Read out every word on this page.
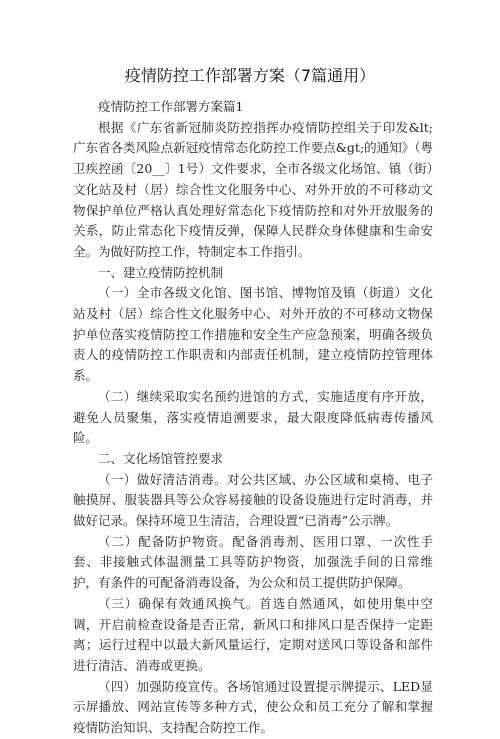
疫情防控工作部署方案（7篇通用）

疫情防控工作部署方案篇1

根据《广东省新冠肺炎防控指挥办疫情防控组关于印发&lt;广东省各类风险点新冠疫情常态化防控工作要点&gt;的通知》（粤卫疾控函〔20__〕1号）文件要求，全市各级文化场馆、镇（街）文化站及村（居）综合性文化服务中心、对外开放的不可移动文物保护单位严格认真处理好常态化下疫情防控和对外开放服务的关系，防止常态化下疫情反弹，保障人民群众身体健康和生命安全。为做好防控工作，特制定本工作指引。

一、建立疫情防控机制

（一）全市各级文化馆、图书馆、博物馆及镇（街道）文化站及村（居）综合性文化服务中心、对外开放的不可移动文物保护单位落实疫情防控工作措施和安全生产应急预案，明确各级负责人的疫情防控工作职责和内部责任机制，建立疫情防控管理体系。

（二）继续采取实名预约进馆的方式，实施适度有序开放，避免人员聚集，落实疫情追溯要求，最大限度降低病毒传播风险。

二、文化场馆管控要求

（一）做好清洁消毒。对公共区域、办公区域和桌椅、电子触摸屏、服装器具等公众容易接触的设备设施进行定时消毒，并做好记录。保持环境卫生清洁，合理设置“已消毒”公示牌。

（二）配备防护物资。配备消毒剂、医用口罩、一次性手套、非接触式体温测量工具等防护物资，加强洗手间的日常维护，有条件的可配备消毒设备，为公众和员工提供防护保障。

（三）确保有效通风换气。首选自然通风，如使用集中空调，开启前检查设备是否正常，新风口和排风口是否保持一定距离；运行过程中以最大新风量运行，定期对送风口等设备和部件进行清洁、消毒或更换。

（四）加强防疫宣传。各场馆通过设置提示牌提示、LED显示屏播放、网站宣传等多种方式，使公众和员工充分了解和掌握疫情防治知识、支持配合防控工作。
